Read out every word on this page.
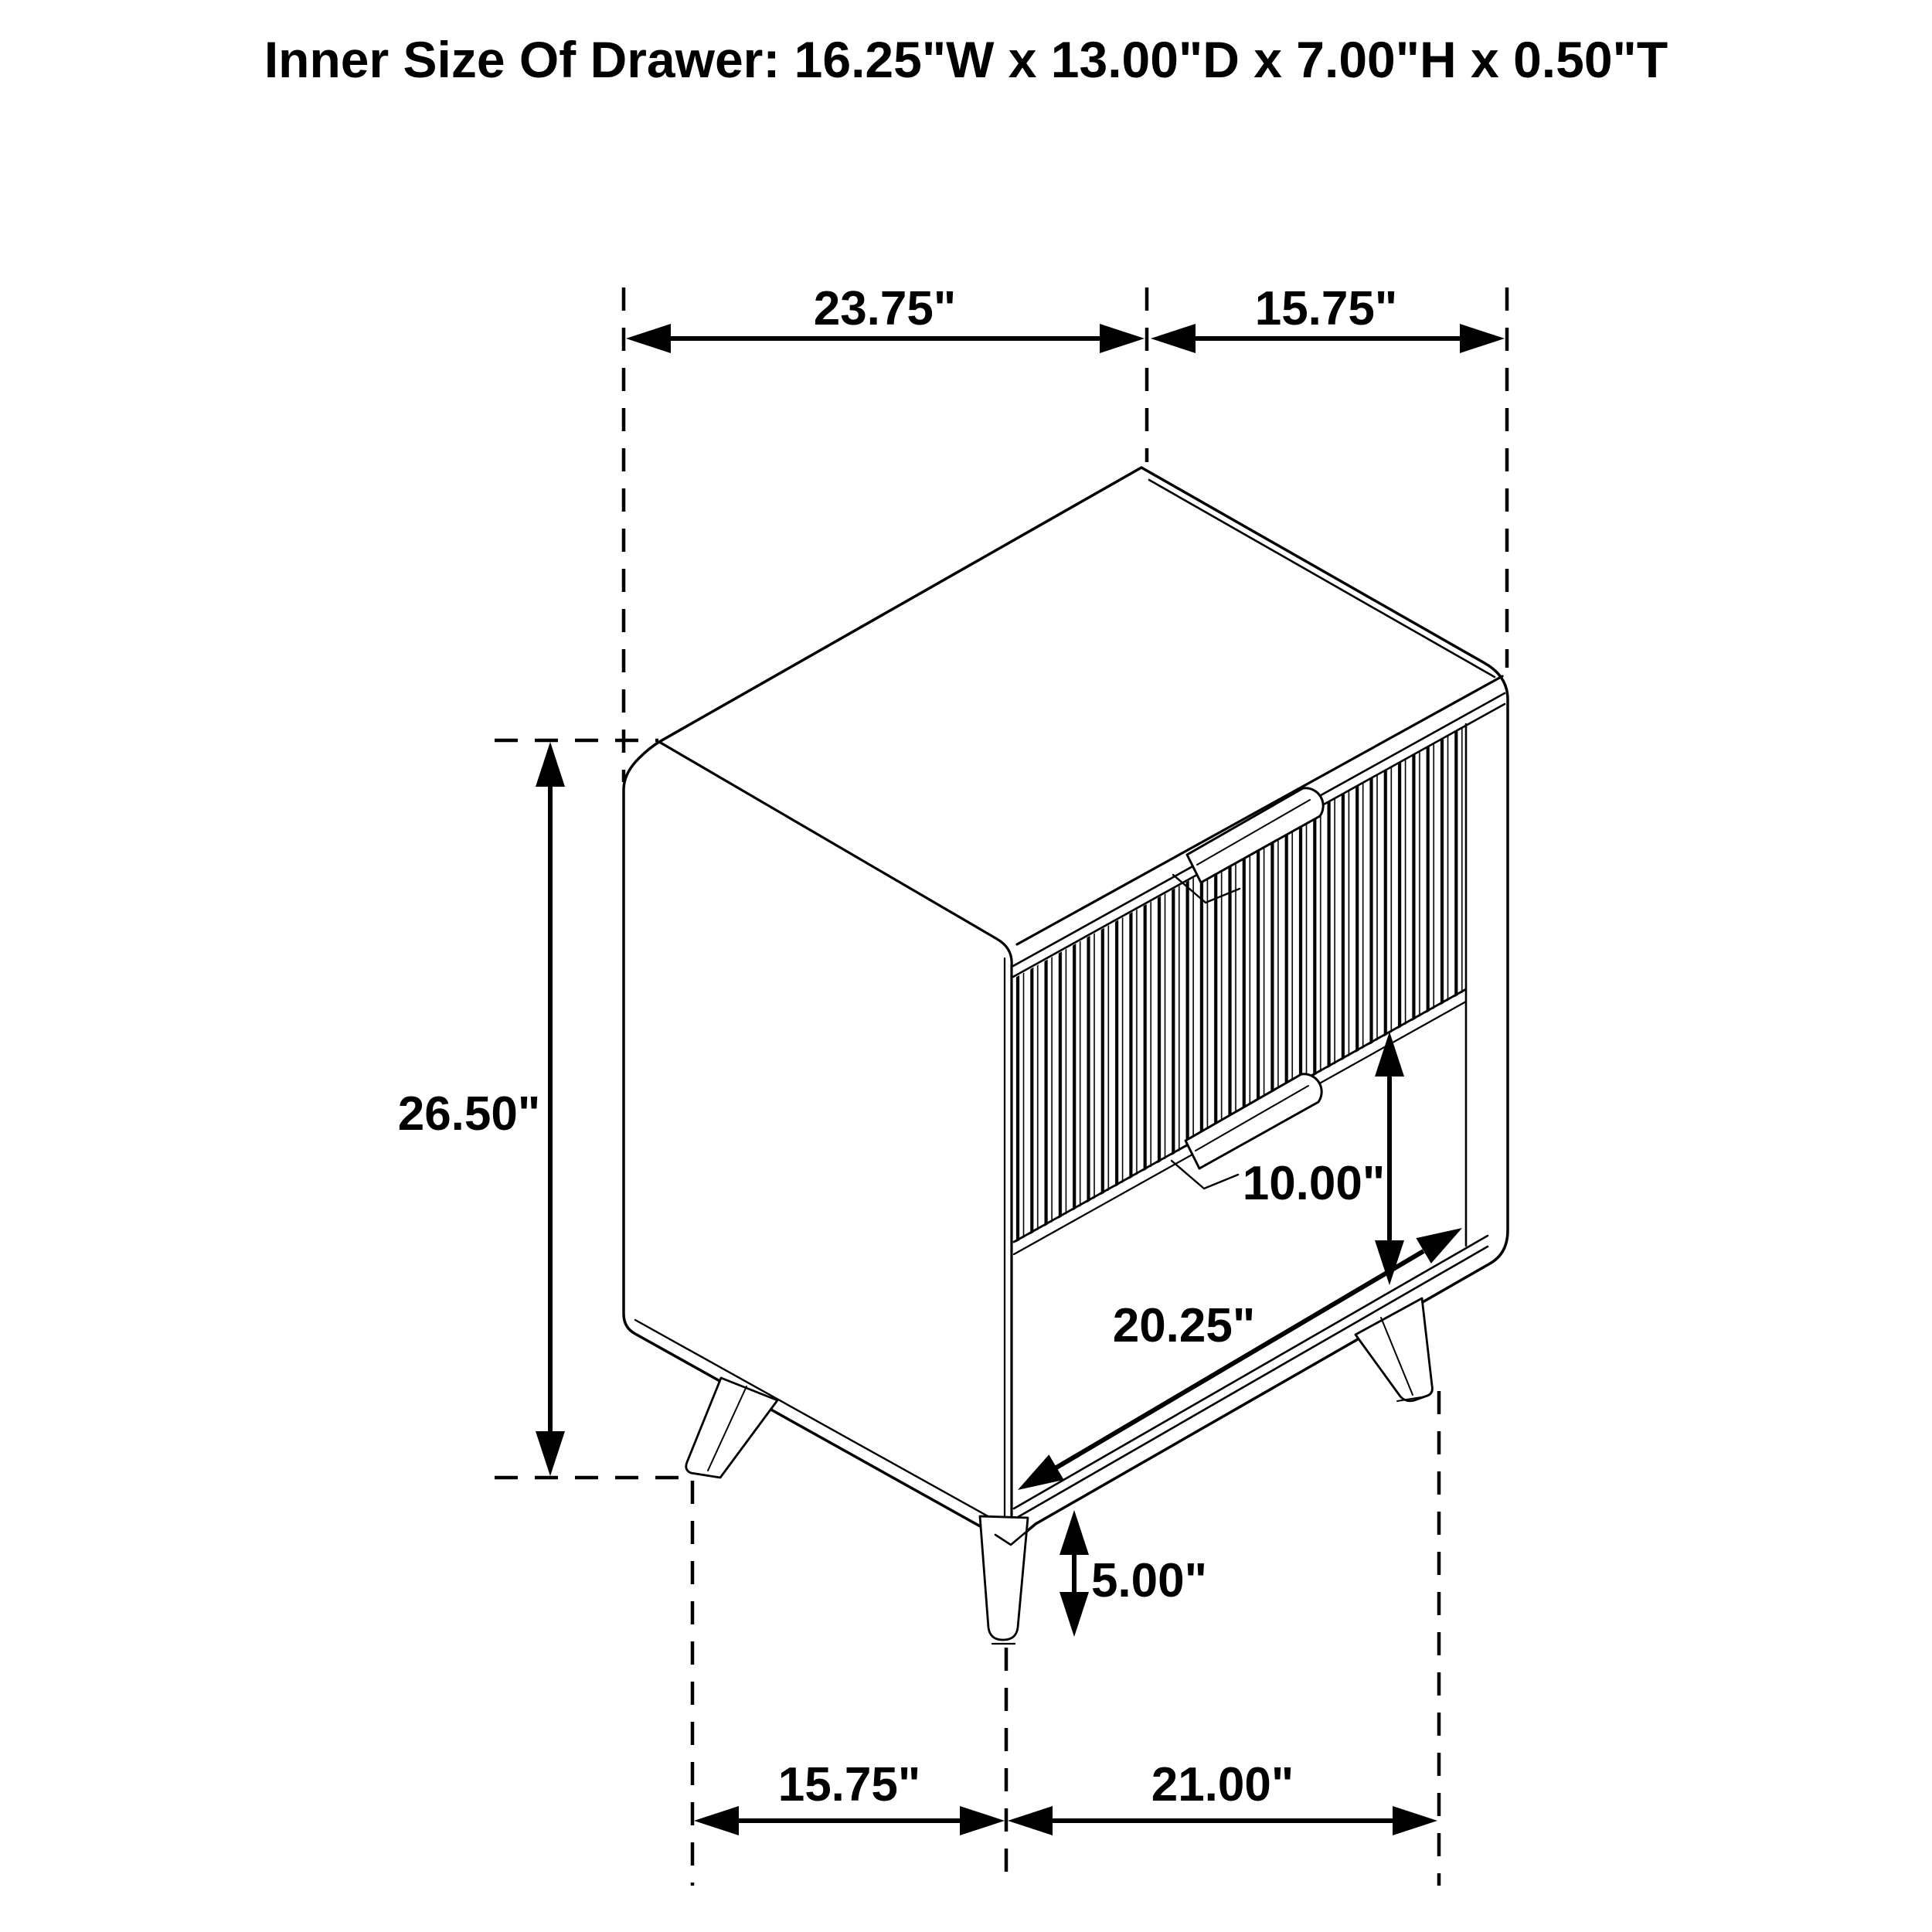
Inner Size Of Drawer: 16.25"W x 13.00"D x 7.00"H x 0.50"T
23.75"	15.75"
26.50"
10.00"
20.25"
5.00"
15.75"	21.00"
